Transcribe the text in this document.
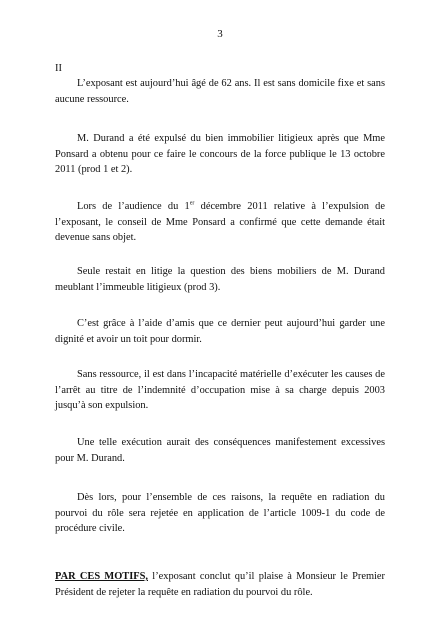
3
II

L’exposant est aujourd’hui âgé de 62 ans. Il est sans domicile fixe et sans aucune ressource.

M. Durand a été expulsé du bien immobilier litigieux après que Mme Ponsard a obtenu pour ce faire le concours de la force publique le 13 octobre 2011 (prod 1 et 2).

Lors de l’audience du 1er décembre 2011 relative à l’expulsion de l’exposant, le conseil de Mme Ponsard a confirmé que cette demande était devenue sans objet.

Seule restait en litige la question des biens mobiliers de M. Durand meublant l’immeuble litigieux (prod 3).

C’est grâce à l’aide d’amis que ce dernier peut aujourd’hui garder une dignité et avoir un toit pour dormir.

Sans ressource, il est dans l’incapacité matérielle d’exécuter les causes de l’arrêt au titre de l’indemnité d’occupation mise à sa charge depuis 2003 jusqu’à son expulsion.

Une telle exécution aurait des conséquences manifestement excessives pour M. Durand.

Dès lors, pour l’ensemble de ces raisons, la requête en radiation du pourvoi du rôle sera rejetée en application de l’article 1009-1 du code de procédure civile.

PAR CES MOTIFS, l’exposant conclut qu’il plaise à Monsieur le Premier Président de rejeter la requête en radiation du pourvoi du rôle.
